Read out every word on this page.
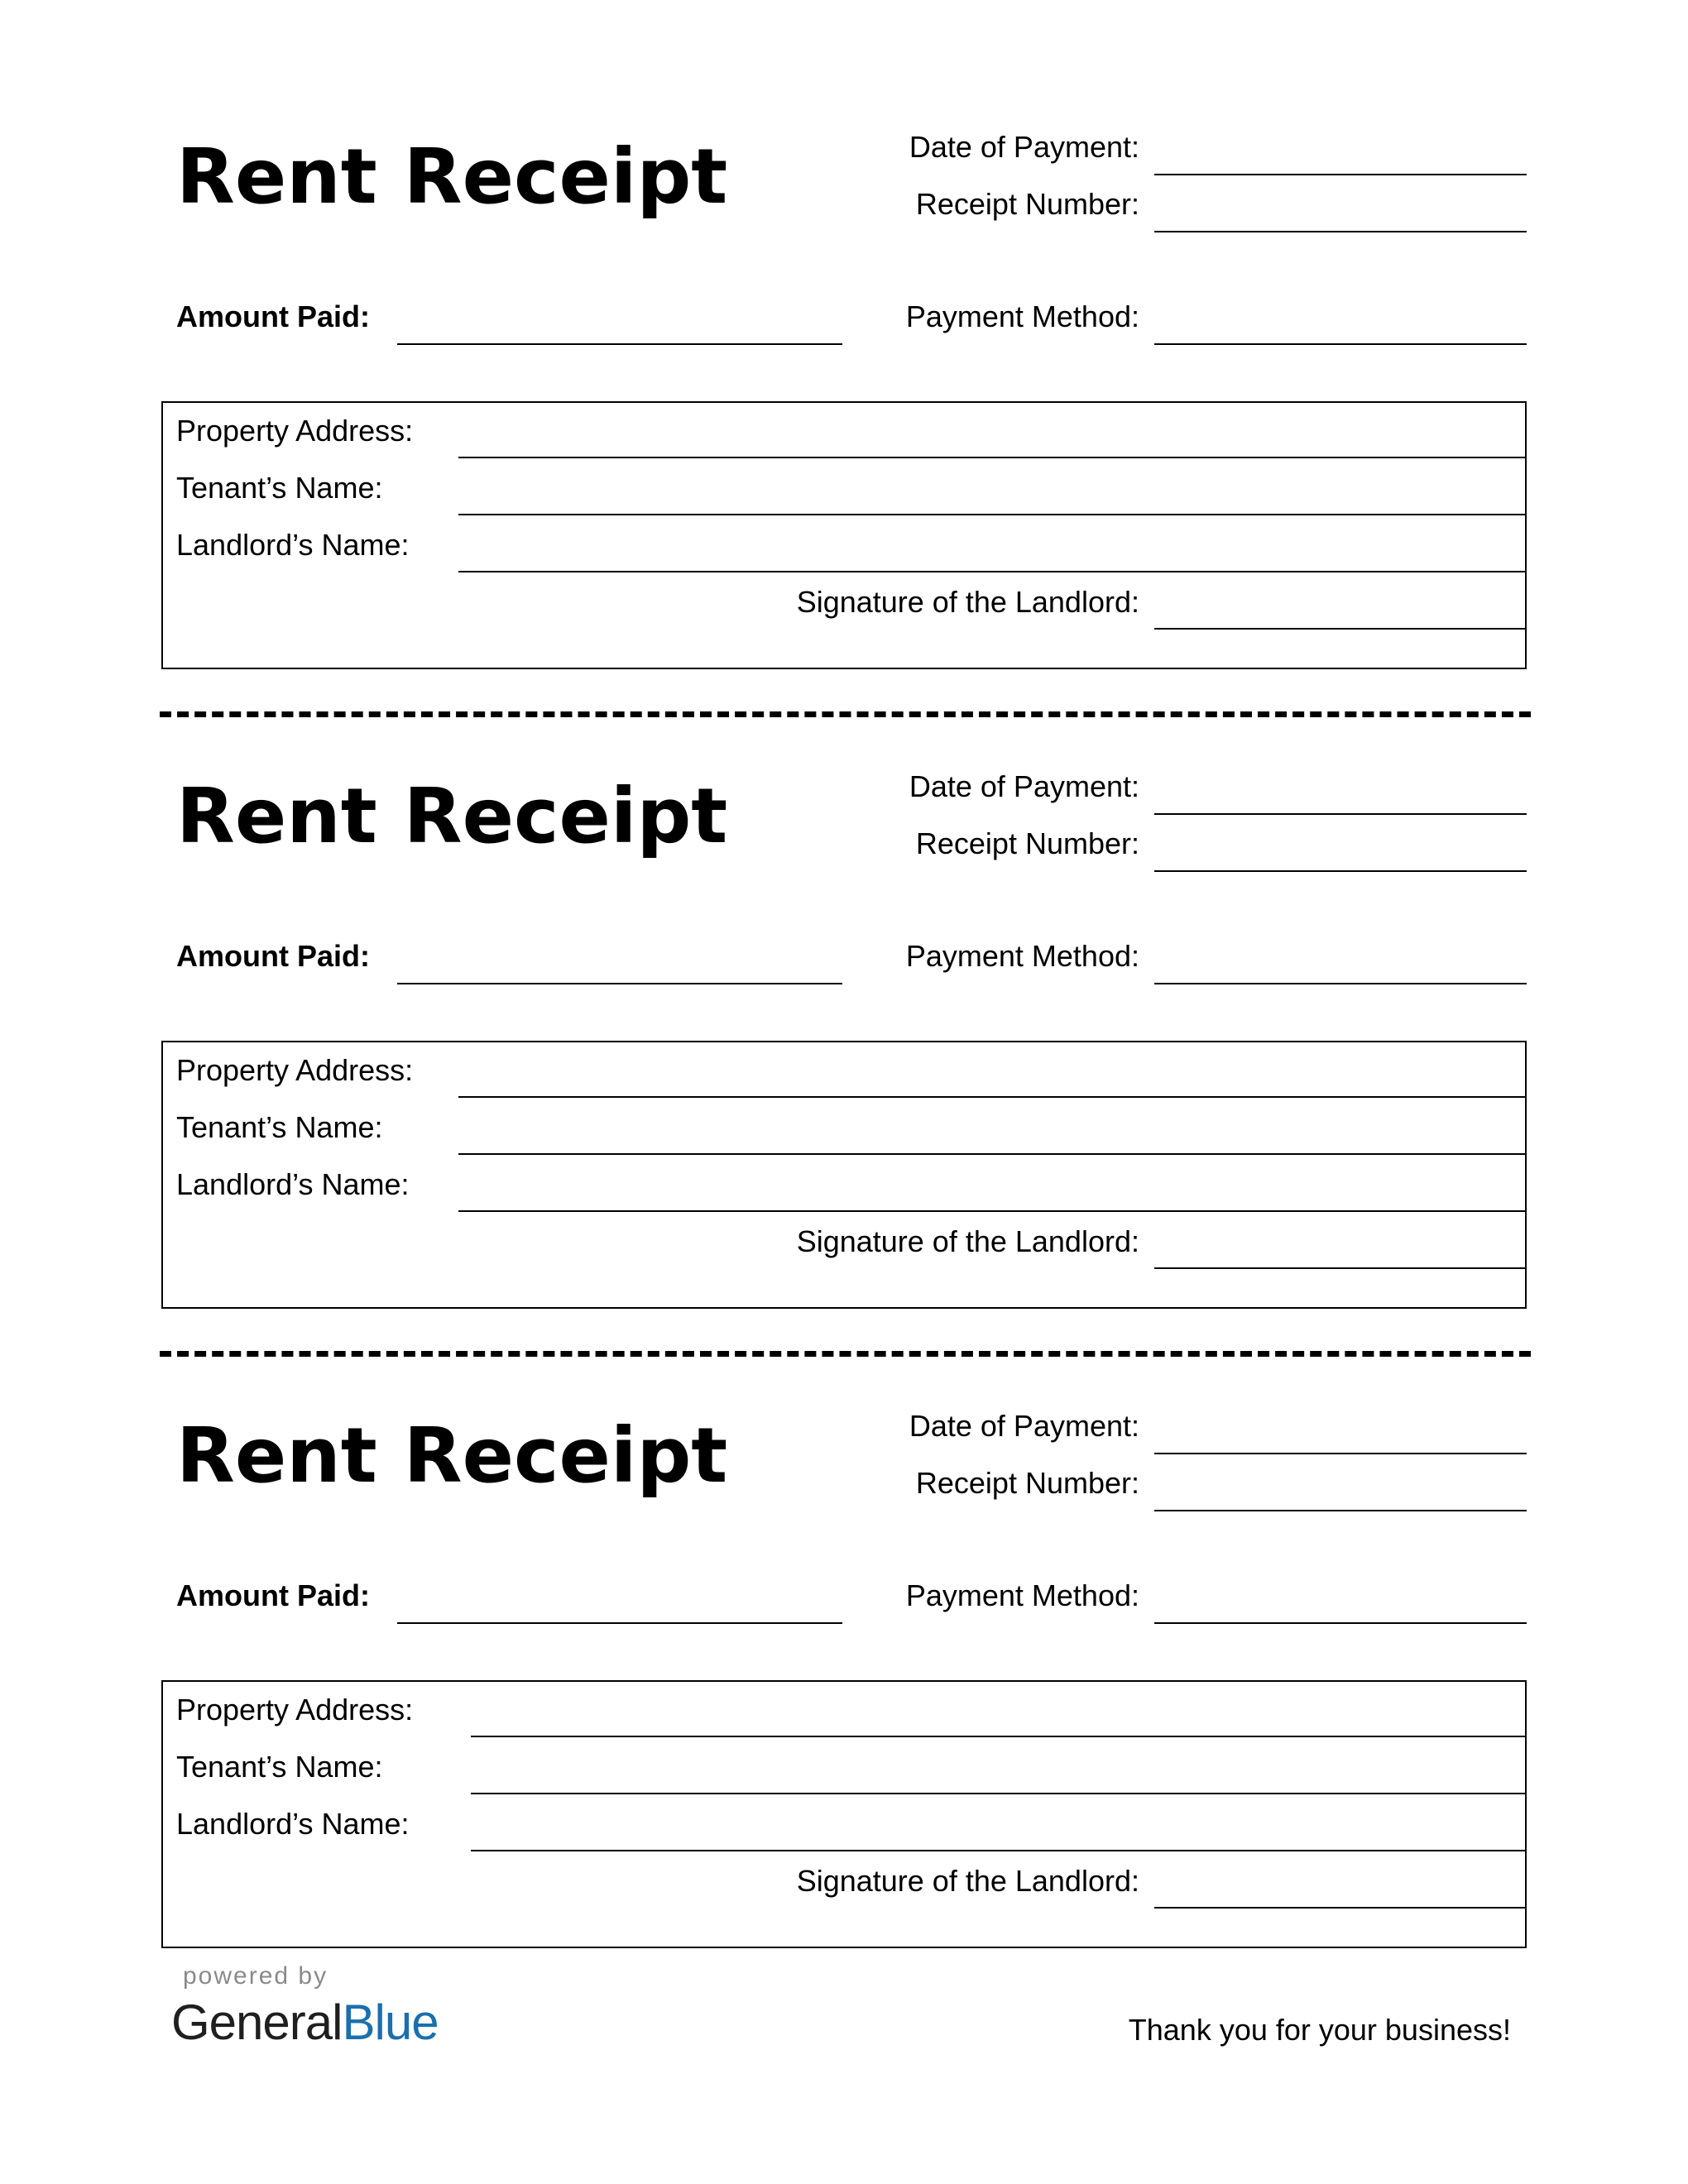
Rent Receipt	Date of Payment:
Receipt Number:
Amount Paid:	Payment Method:
Property Address:
Tenant’s Name:
Landlord’s Name:
Signature of the Landlord:
Rent Receipt	Date of Payment:
Receipt Number:
Amount Paid:	Payment Method:
Property Address:
Tenant’s Name:
Landlord’s Name:
Signature of the Landlord:
Rent Receipt	Date of Payment:
Receipt Number:
Amount Paid:	Payment Method:
Property Address:
Tenant’s Name:
Landlord’s Name:
Signature of the Landlord:
powered by
GeneralBlue	Thank you for your business!
